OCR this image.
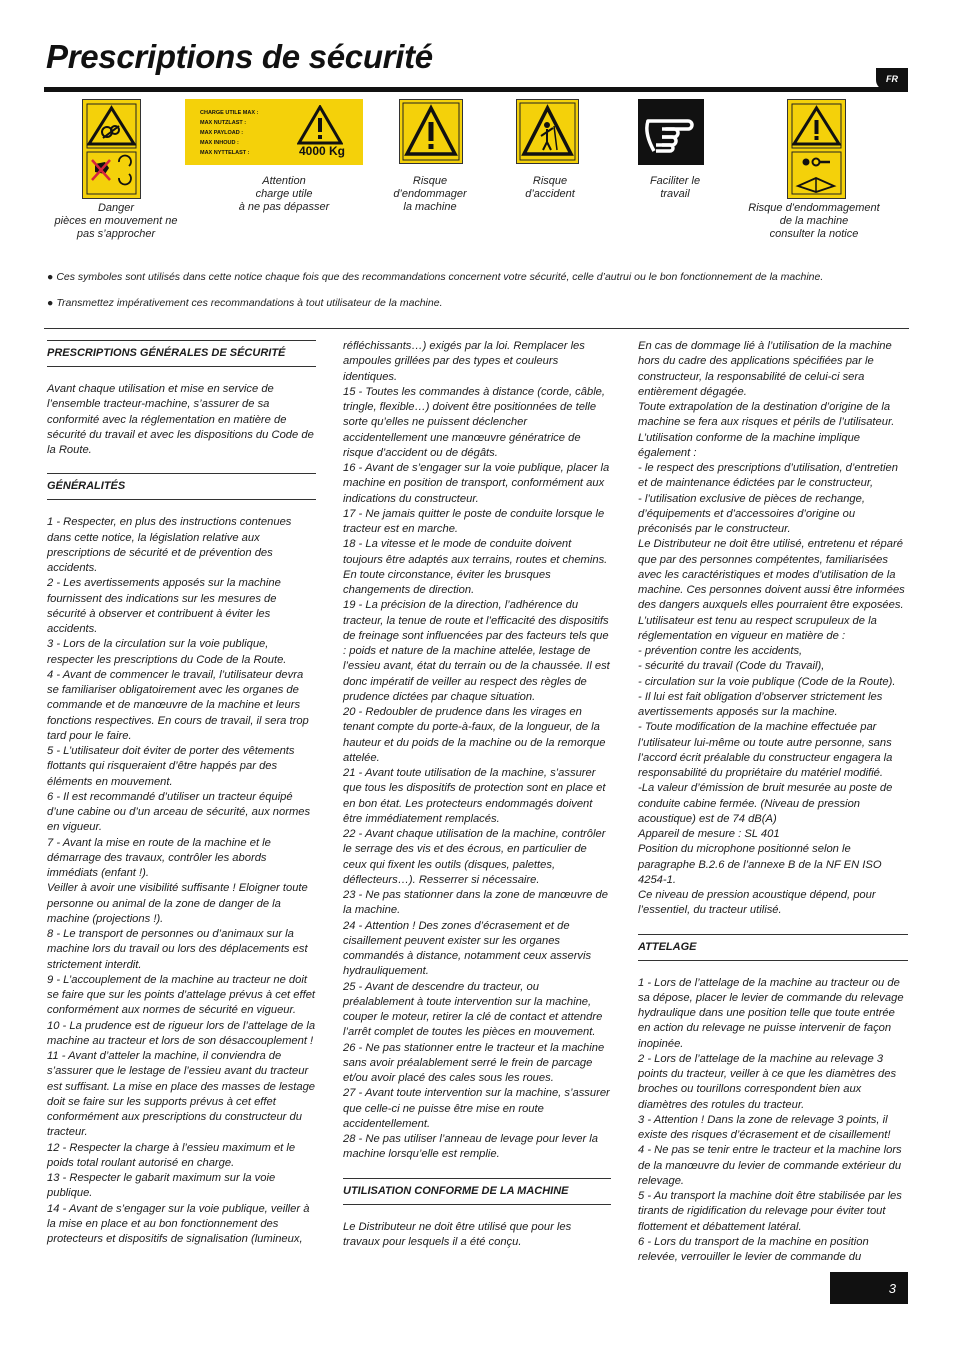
Prescriptions de sécurité
FR
Danger
pièces en mouvement ne
pas s’approcher
CHARGE UTILE MAX :
MAX NUTZLAST :
MAX PAYLOAD :
MAX INHOUD :
MAX NYTTELAST :	4000 Kg
Attention
charge utile
à ne pas dépasser
Risque
d’endommager
la machine
Risque
d’accident
Faciliter le
travail
Risque d’endommagement
de la machine
consulter la notice
● Ces symboles sont utilisés dans cette notice chaque fois que des recommandations concernent votre sécurité, celle d’autrui ou le bon fonctionnement de la machine.
● Transmettez impérativement ces recommandations à tout utilisateur de la machine.
PRESCRIPTIONS GÉNÉRALES DE SÉCURITÉ

Avant chaque utilisation et mise en service de l’ensemble tracteur-machine, s’assurer de sa conformité avec la réglementation en matière de sécurité du travail et avec les dispositions du Code de la Route.

GÉNÉRALITÉS

1 - Respecter, en plus des instructions contenues dans cette notice, la législation relative aux prescriptions de sécurité et de prévention des accidents.

2 - Les avertissements apposés sur la machine fournissent des indications sur les mesures de sécurité à observer et contribuent à éviter les accidents.

3 - Lors de la circulation sur la voie publique, respecter les prescriptions du Code de la Route.

4 - Avant de commencer le travail, l’utilisateur devra se familiariser obligatoirement avec les organes de commande et de manœuvre de la machine et leurs fonctions respectives. En cours de travail, il sera trop tard pour le faire.

5 - L’utilisateur doit éviter de porter des vêtements flottants qui risqueraient d’être happés par des éléments en mouvement.

6 - Il est recommandé d’utiliser un tracteur équipé d’une cabine ou d’un arceau de sécurité, aux normes en vigueur.

7 - Avant la mise en route de la machine et le démarrage des travaux, contrôler les abords immédiats (enfant !).

Veiller à avoir une visibilité suffisante ! Eloigner toute personne ou animal de la zone de danger de la machine (projections !).

8 - Le transport de personnes ou d’animaux sur la machine lors du travail ou lors des déplacements est strictement interdit.

9 - L’accouplement de la machine au tracteur ne doit se faire que sur les points d’attelage prévus à cet effet conformément aux normes de sécurité en vigueur.

10 - La prudence est de rigueur lors de l’attelage de la machine au tracteur et lors de son désaccouplement !

11 - Avant d’atteler la machine, il conviendra de s’assurer que le lestage de l’essieu avant du tracteur est suffisant. La mise en place des masses de lestage doit se faire sur les supports prévus à cet effet conformément aux prescriptions du constructeur du tracteur.

12 - Respecter la charge à l’essieu maximum et le poids total roulant autorisé en charge.

13 - Respecter le gabarit maximum sur la voie publique.

14 - Avant de s’engager sur la voie publique, veiller à la mise en place et au bon fonctionnement des protecteurs et dispositifs de signalisation (lumineux,

réfléchissants…) exigés par la loi. Remplacer les ampoules grillées par des types et couleurs identiques.

15 - Toutes les commandes à distance (corde, câble, tringle, flexible…) doivent être positionnées de telle sorte qu’elles ne puissent déclencher accidentellement une manœuvre génératrice de risque d’accident ou de dégâts.

16 - Avant de s’engager sur la voie publique, placer la machine en position de transport, conformément aux indications du constructeur.

17 - Ne jamais quitter le poste de conduite lorsque le tracteur est en marche.

18 - La vitesse et le mode de conduite doivent toujours être adaptés aux terrains, routes et chemins. En toute circonstance, éviter les brusques changements de direction.

19 - La précision de la direction, l’adhérence du tracteur, la tenue de route et l’efficacité des dispositifs de freinage sont influencées par des facteurs tels que : poids et nature de la machine attelée, lestage de l’essieu avant, état du terrain ou de la chaussée. Il est donc impératif de veiller au respect des règles de prudence dictées par chaque situation.

20 - Redoubler de prudence dans les virages en tenant compte du porte-à-faux, de la longueur, de la hauteur et du poids de la machine ou de la remorque attelée.

21 - Avant toute utilisation de la machine, s’assurer que tous les dispositifs de protection sont en place et en bon état. Les protecteurs endommagés doivent être immédiatement remplacés.

22 - Avant chaque utilisation de la machine, contrôler le serrage des vis et des écrous, en particulier de ceux qui fixent les outils (disques, palettes, déflecteurs…). Resserrer si nécessaire.

23 - Ne pas stationner dans la zone de manœuvre de la machine.

24 - Attention ! Des zones d’écrasement et de cisaillement peuvent exister sur les organes commandés à distance, notamment ceux asservis hydrauliquement.

25 - Avant de descendre du tracteur, ou préalablement à toute intervention sur la machine, couper le moteur, retirer la clé de contact et attendre l’arrêt complet de toutes les pièces en mouvement.

26 - Ne pas stationner entre le tracteur et la machine sans avoir préalablement serré le frein de parcage et/ou avoir placé des cales sous les roues.

27 - Avant toute intervention sur la machine, s’assurer que celle-ci ne puisse être mise en route accidentellement.

28 - Ne pas utiliser l’anneau de levage pour lever la machine lorsqu’elle est remplie.

UTILISATION CONFORME DE LA MACHINE

Le Distributeur ne doit être utilisé que pour les travaux pour lesquels il a été conçu.

En cas de dommage lié à l’utilisation de la machine hors du cadre des applications spécifiées par le constructeur, la responsabilité de celui-ci sera entièrement dégagée.

Toute extrapolation de la destination d’origine de la machine se fera aux risques et périls de l’utilisateur.

L’utilisation conforme de la machine implique également :

- le respect des prescriptions d’utilisation, d’entretien et de maintenance édictées par le constructeur,

- l’utilisation exclusive de pièces de rechange, d’équipements et d’accessoires d’origine ou préconisés par le constructeur.

Le Distributeur ne doit être utilisé, entretenu et réparé que par des personnes compétentes, familiarisées avec les caractéristiques et modes d’utilisation de la machine. Ces personnes doivent aussi être informées des dangers auxquels elles pourraient être exposées.

L’utilisateur est tenu au respect scrupuleux de la réglementation en vigueur en matière de :

- prévention contre les accidents,

- sécurité du travail (Code du Travail),

- circulation sur la voie publique (Code de la Route).

- Il lui est fait obligation d’observer strictement les avertissements apposés sur la machine.

- Toute modification de la machine effectuée par l’utilisateur lui-même ou toute autre personne, sans l’accord écrit préalable du constructeur engagera la responsabilité du propriétaire du matériel modifié.

-La valeur d’émission de bruit mesurée au poste de conduite cabine fermée. (Niveau de pression acoustique) est de 74 dB(A)

Appareil de mesure : SL 401

Position du microphone positionné selon le paragraphe B.2.6 de l’annexe B de la NF EN ISO 4254-1.

Ce niveau de pression acoustique dépend, pour l’essentiel, du tracteur utilisé.

ATTELAGE

1 - Lors de l’attelage de la machine au tracteur ou de sa dépose, placer le levier de commande du relevage hydraulique dans une position telle que toute entrée en action du relevage ne puisse intervenir de façon inopinée.

2 - Lors de l’attelage de la machine au relevage 3 points du tracteur, veiller à ce que les diamètres des broches ou tourillons correspondent bien aux diamètres des rotules du tracteur.

3 - Attention ! Dans la zone de relevage 3 points, il existe des risques d’écrasement et de cisaillement!

4 - Ne pas se tenir entre le tracteur et la machine lors de la manœuvre du levier de commande extérieur du relevage.

5 - Au transport la machine doit être stabilisée par les tirants de rigidification du relevage pour éviter tout flottement et débattement latéral.

6 - Lors du transport de la machine en position relevée, verrouiller le levier de commande du

3
